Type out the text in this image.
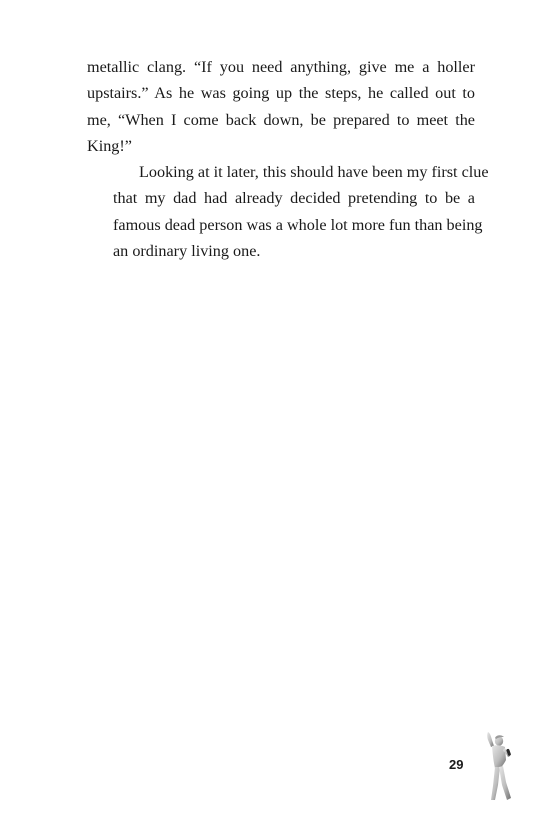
metallic clang. “If you need anything, give me a holler
upstairs.” As he was going up the steps, he called out to
me, “When I come back down, be prepared to meet the
King!”

Looking at it later, this should have been my first clue
that my dad had already decided pretending to be a
famous dead person was a whole lot more fun than being
an ordinary living one.

29
